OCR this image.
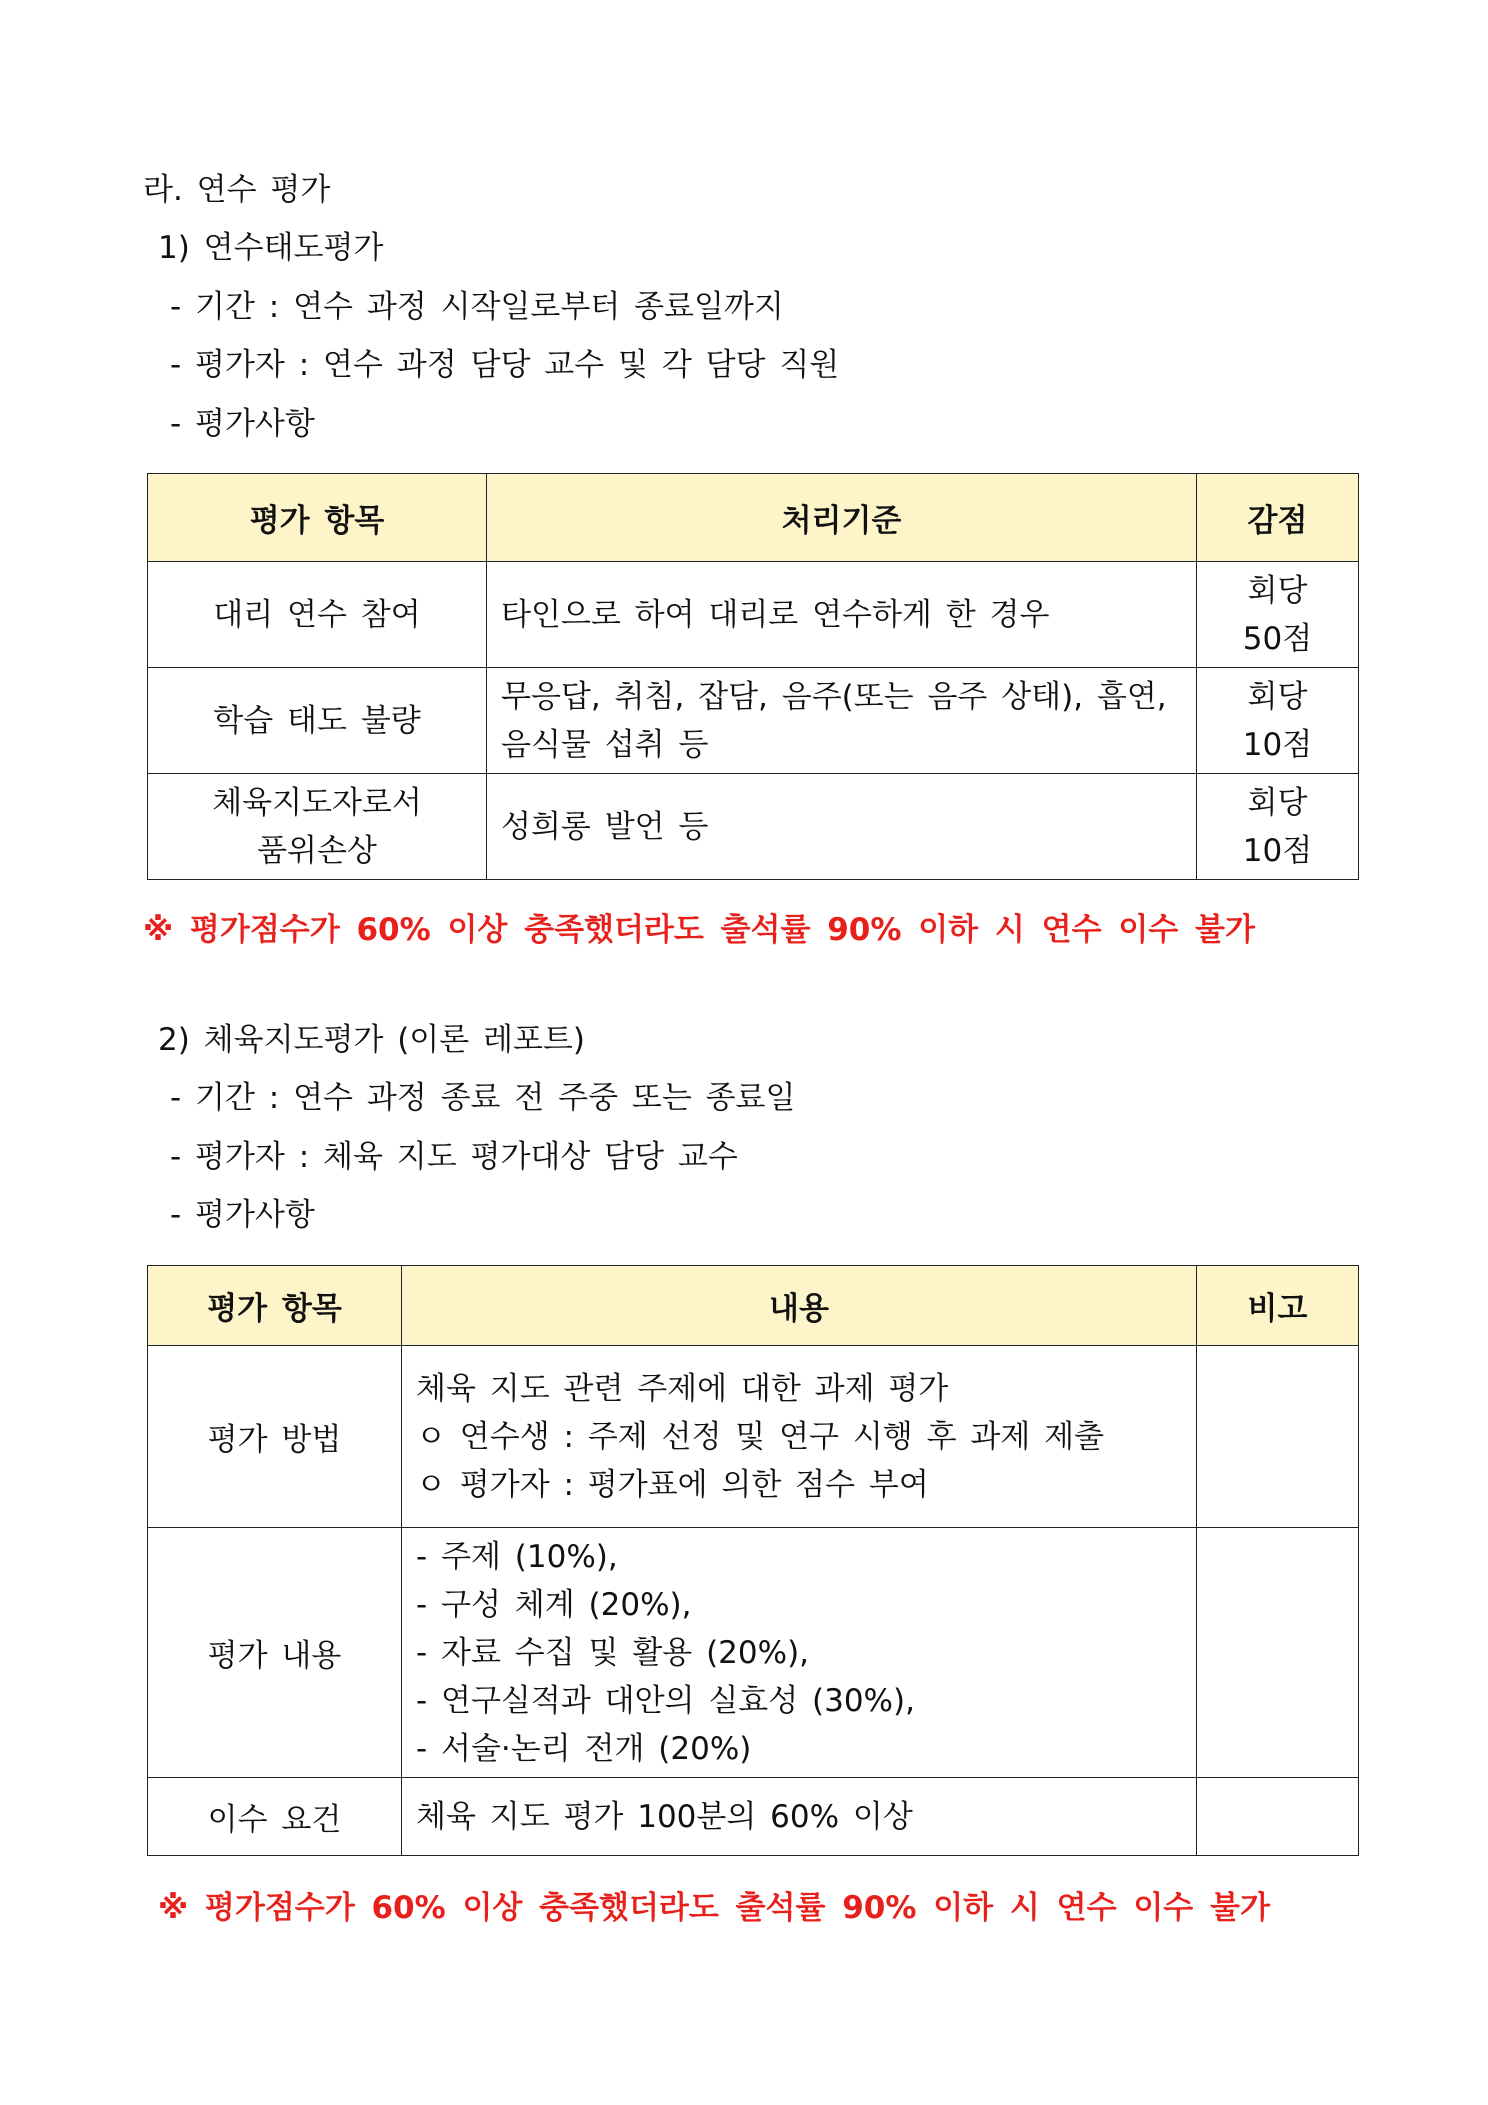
라. 연수 평가
1) 연수태도평가
- 기간 : 연수 과정 시작일로부터 종료일까지
- 평가자 : 연수 과정 담당 교수 및 각 담당 직원
- 평가사항
평가 항목	처리기준	감점

대리 연수 참여	타인으로 하여 대리로 연수하게 한 경우	회당
50점

학습 태도 불량	무응답, 취침, 잡담, 음주(또는 음주 상태), 흡연,
음식물 섭취 등	회당
10점

체육지도자로서
품위손상	성희롱 발언 등	회당
10점
※ 평가점수가 60% 이상 충족했더라도 출석률 90% 이하 시 연수 이수 불가
2) 체육지도평가 (이론 레포트)
- 기간 : 연수 과정 종료 전 주중 또는 종료일
- 평가자 : 체육 지도 평가대상 담당 교수
- 평가사항
평가 항목	내용	비고
평가 방법	체육 지도 관련 주제에 대한 과제 평가
ㅇ 연수생 : 주제 선정 및 연구 시행 후 과제 제출
ㅇ 평가자 : 평가표에 의한 점수 부여	

평가 내용	- 주제 (10%),
- 구성 체계 (20%),
- 자료 수집 및 활용 (20%),
- 연구실적과 대안의 실효성 (30%),
- 서술·논리 전개 (20%)	

이수 요건	체육 지도 평가 100분의 60% 이상	

※ 평가점수가 60% 이상 충족했더라도 출석률 90% 이하 시 연수 이수 불가
